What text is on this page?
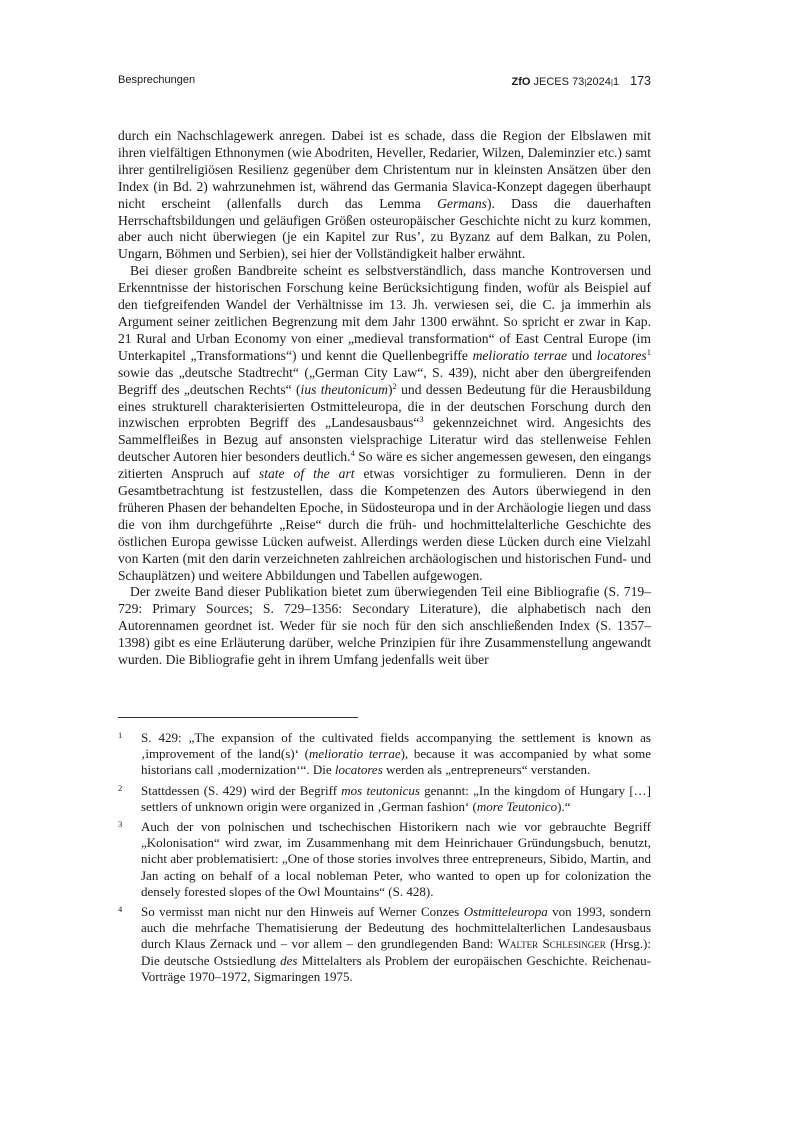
Besprechungen	ZfO JECES 73|2024|1 173

durch ein Nachschlagewerk anregen. Dabei ist es schade, dass die Region der Elbslawen mit ihren vielfältigen Ethnonymen (wie Abodriten, Heveller, Redarier, Wilzen, Daleminzier etc.) samt ihrer gentilreligiösen Resilienz gegenüber dem Christentum nur in kleinsten Ansätzen über den Index (in Bd. 2) wahrzunehmen ist, während das Germania Slavica-Konzept dagegen überhaupt nicht erscheint (allenfalls durch das Lemma Germans). Dass die dauerhaften Herrschaftsbildungen und geläufigen Größen osteuropäischer Geschichte nicht zu kurz kommen, aber auch nicht überwiegen (je ein Kapitel zur Rus’, zu Byzanz auf dem Balkan, zu Polen, Ungarn, Böhmen und Serbien), sei hier der Vollständigkeit halber erwähnt.

Bei dieser großen Bandbreite scheint es selbstverständlich, dass manche Kontroversen und Erkenntnisse der historischen Forschung keine Berücksichtigung finden, wofür als Beispiel auf den tiefgreifenden Wandel der Verhältnisse im 13. Jh. verwiesen sei, die C. ja immerhin als Argument seiner zeitlichen Begrenzung mit dem Jahr 1300 erwähnt. So spricht er zwar in Kap. 21 Rural and Urban Economy von einer „medieval transformation“ of East Central Europe (im Unterkapitel „Transformations“) und kennt die Quellenbegriffe melioratio terrae und locatores$^1$ sowie das „deutsche Stadtrecht“ („German City Law“, S. 439), nicht aber den übergreifenden Begriff des „deutschen Rechts“ (ius theutonicum)$^2$ und dessen Bedeutung für die Herausbildung eines strukturell charakterisierten Ostmitteleuropa, die in der deutschen Forschung durch den inzwischen erprobten Begriff des „Landesausbaus“$^3$ gekennzeichnet wird. Angesichts des Sammelfleißes in Bezug auf ansonsten vielsprachige Literatur wird das stellenweise Fehlen deutscher Autoren hier besonders deutlich.$^4$ So wäre es sicher angemessen gewesen, den eingangs zitierten Anspruch auf state of the art etwas vorsichtiger zu formulieren. Denn in der Gesamtbetrachtung ist festzustellen, dass die Kompetenzen des Autors überwiegend in den früheren Phasen der behandelten Epoche, in Südosteuropa und in der Archäologie liegen und dass die von ihm durchgeführte „Reise“ durch die früh- und hochmittelalterliche Geschichte des östlichen Europa gewisse Lücken aufweist. Allerdings werden diese Lücken durch eine Vielzahl von Karten (mit den darin verzeichneten zahlreichen archäologischen und historischen Fund- und Schauplätzen) und weitere Abbildungen und Tabellen aufgewogen.

Der zweite Band dieser Publikation bietet zum überwiegenden Teil eine Bibliografie (S. 719–729: Primary Sources; S. 729–1356: Secondary Literature), die alphabetisch nach den Autorennamen geordnet ist. Weder für sie noch für den sich anschließenden Index (S. 1357–1398) gibt es eine Erläuterung darüber, welche Prinzipien für ihre Zusammenstellung angewandt wurden. Die Bibliografie geht in ihrem Umfang jedenfalls weit über

1 S. 429: „The expansion of the cultivated fields accompanying the settlement is known as ‚improvement of the land(s)‘ (melioratio terrae), because it was accompanied by what some historians call ‚modernization‘“. Die locatores werden als „entrepreneurs“ verstanden.
2 Stattdessen (S. 429) wird der Begriff mos teutonicus genannt: „In the kingdom of Hungary […] settlers of unknown origin were organized in ‚German fashion‘ (more Teutonico).“
3 Auch der von polnischen und tschechischen Historikern nach wie vor gebrauchte Begriff „Kolonisation“ wird zwar, im Zusammenhang mit dem Heinrichauer Gründungsbuch, benutzt, nicht aber problematisiert: „One of those stories involves three entrepreneurs, Sibido, Martin, and Jan acting on behalf of a local nobleman Peter, who wanted to open up for colonization the densely forested slopes of the Owl Mountains“ (S. 428).
4 So vermisst man nicht nur den Hinweis auf Werner Conzes Ostmitteleuropa von 1993, sondern auch die mehrfache Thematisierung der Bedeutung des hochmittelalterlichen Landesausbaus durch Klaus Zernack und – vor allem – den grundlegenden Band: Walter Schlesinger (Hrsg.): Die deutsche Ostsiedlung des Mittelalters als Problem der europäischen Geschichte. Reichenau-Vorträge 1970–1972, Sigmaringen 1975.
